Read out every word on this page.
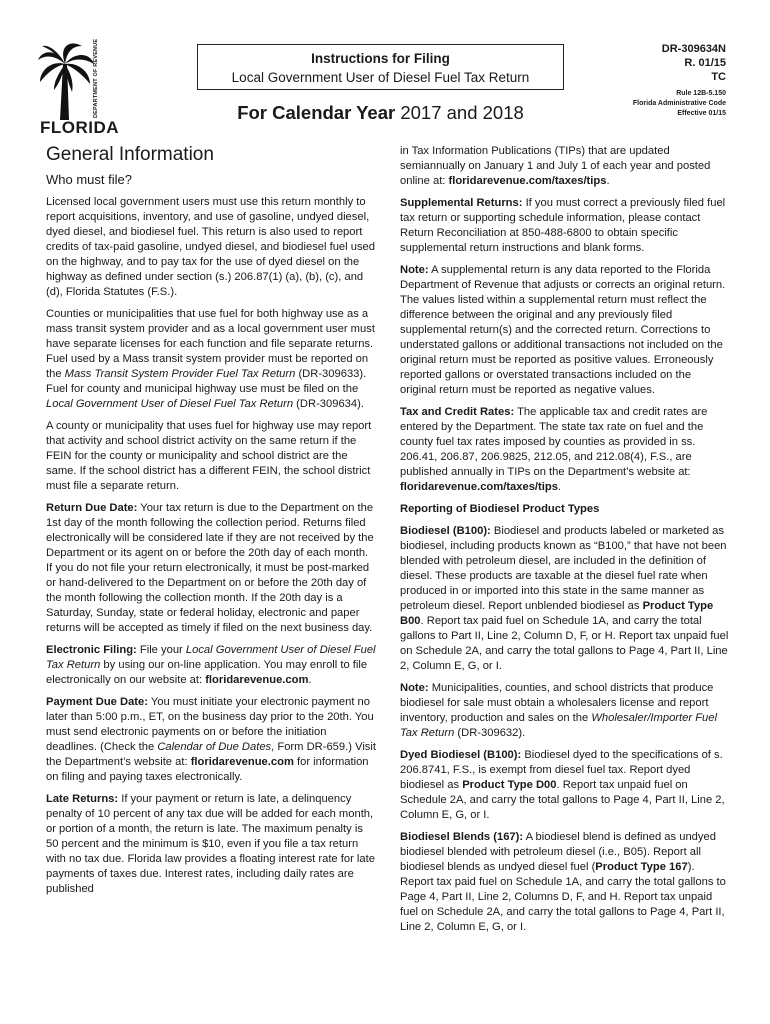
DEPARTMENT OF REVENUE
FLORIDA
Instructions for Filing
Local Government User of Diesel Fuel Tax Return
For Calendar Year 2017 and 2018
DR-309634N
R. 01/15
TC
Rule 12B-5.150
Florida Administrative Code
Effective 01/15
General Information
Who must file?

Licensed local government users must use this return monthly to report acquisitions, inventory, and use of gasoline, undyed diesel, dyed diesel, and biodiesel fuel. This return is also used to report credits of tax-paid gasoline, undyed diesel, and biodiesel fuel used on the highway, and to pay tax for the use of dyed diesel on the highway as defined under section (s.) 206.87(1) (a), (b), (c), and (d), Florida Statutes (F.S.).

Counties or municipalities that use fuel for both highway use as a mass transit system provider and as a local government user must have separate licenses for each function and file separate returns. Fuel used by a Mass transit system provider must be reported on the Mass Transit System Provider Fuel Tax Return (DR-309633). Fuel for county and municipal highway use must be filed on the Local Government User of Diesel Fuel Tax Return (DR-309634).

A county or municipality that uses fuel for highway use may report that activity and school district activity on the same return if the FEIN for the county or municipality and school district are the same. If the school district has a different FEIN, the school district must file a separate return.

Return Due Date: Your tax return is due to the Department on the 1st day of the month following the collection period. Returns filed electronically will be considered late if they are not received by the Department or its agent on or before the 20th day of each month. If you do not file your return electronically, it must be post-marked or hand-delivered to the Department on or before the 20th day of the month following the collection month. If the 20th day is a Saturday, Sunday, state or federal holiday, electronic and paper returns will be accepted as timely if filed on the next business day.

Electronic Filing: File your Local Government User of Diesel Fuel Tax Return by using our on-line application. You may enroll to file electronically on our website at: floridarevenue.com.

Payment Due Date: You must initiate your electronic payment no later than 5:00 p.m., ET, on the business day prior to the 20th. You must send electronic payments on or before the initiation deadlines. (Check the Calendar of Due Dates, Form DR-659.) Visit the Department’s website at: floridarevenue.com for information on filing and paying taxes electronically.

Late Returns: If your payment or return is late, a delinquency penalty of 10 percent of any tax due will be added for each month, or portion of a month, the return is late. The maximum penalty is 50 percent and the minimum is $10, even if you file a tax return with no tax due. Florida law provides a floating interest rate for late payments of taxes due. Interest rates, including daily rates are published

in Tax Information Publications (TIPs) that are updated semiannually on January 1 and July 1 of each year and posted online at: floridarevenue.com/taxes/tips.

Supplemental Returns: If you must correct a previously filed fuel tax return or supporting schedule information, please contact Return Reconciliation at 850-488-6800 to obtain specific supplemental return instructions and blank forms.

Note: A supplemental return is any data reported to the Florida Department of Revenue that adjusts or corrects an original return. The values listed within a supplemental return must reflect the difference between the original and any previously filed supplemental return(s) and the corrected return. Corrections to understated gallons or additional transactions not included on the original return must be reported as positive values. Erroneously reported gallons or overstated transactions included on the original return must be reported as negative values.

Tax and Credit Rates: The applicable tax and credit rates are entered by the Department. The state tax rate on fuel and the county fuel tax rates imposed by counties as provided in ss. 206.41, 206.87, 206.9825, 212.05, and 212.08(4), F.S., are published annually in TIPs on the Department’s website at: floridarevenue.com/taxes/tips.

Reporting of Biodiesel Product Types

Biodiesel (B100): Biodiesel and products labeled or marketed as biodiesel, including products known as “B100,” that have not been blended with petroleum diesel, are included in the definition of diesel. These products are taxable at the diesel fuel rate when produced in or imported into this state in the same manner as petroleum diesel. Report unblended biodiesel as Product Type B00. Report tax paid fuel on Schedule 1A, and carry the total gallons to Part II, Line 2, Column D, F, or H. Report tax unpaid fuel on Schedule 2A, and carry the total gallons to Page 4, Part II, Line 2, Column E, G, or I.

Note: Municipalities, counties, and school districts that produce biodiesel for sale must obtain a wholesalers license and report inventory, production and sales on the Wholesaler/Importer Fuel Tax Return (DR-309632).

Dyed Biodiesel (B100): Biodiesel dyed to the specifications of s. 206.8741, F.S., is exempt from diesel fuel tax. Report dyed biodiesel as Product Type D00. Report tax unpaid fuel on Schedule 2A, and carry the total gallons to Page 4, Part II, Line 2, Column E, G, or I.

Biodiesel Blends (167): A biodiesel blend is defined as undyed biodiesel blended with petroleum diesel (i.e., B05). Report all biodiesel blends as undyed diesel fuel (Product Type 167). Report tax paid fuel on Schedule 1A, and carry the total gallons to Page 4, Part II, Line 2, Columns D, F, and H. Report tax unpaid fuel on Schedule 2A, and carry the total gallons to Page 4, Part II, Line 2, Column E, G, or I.
